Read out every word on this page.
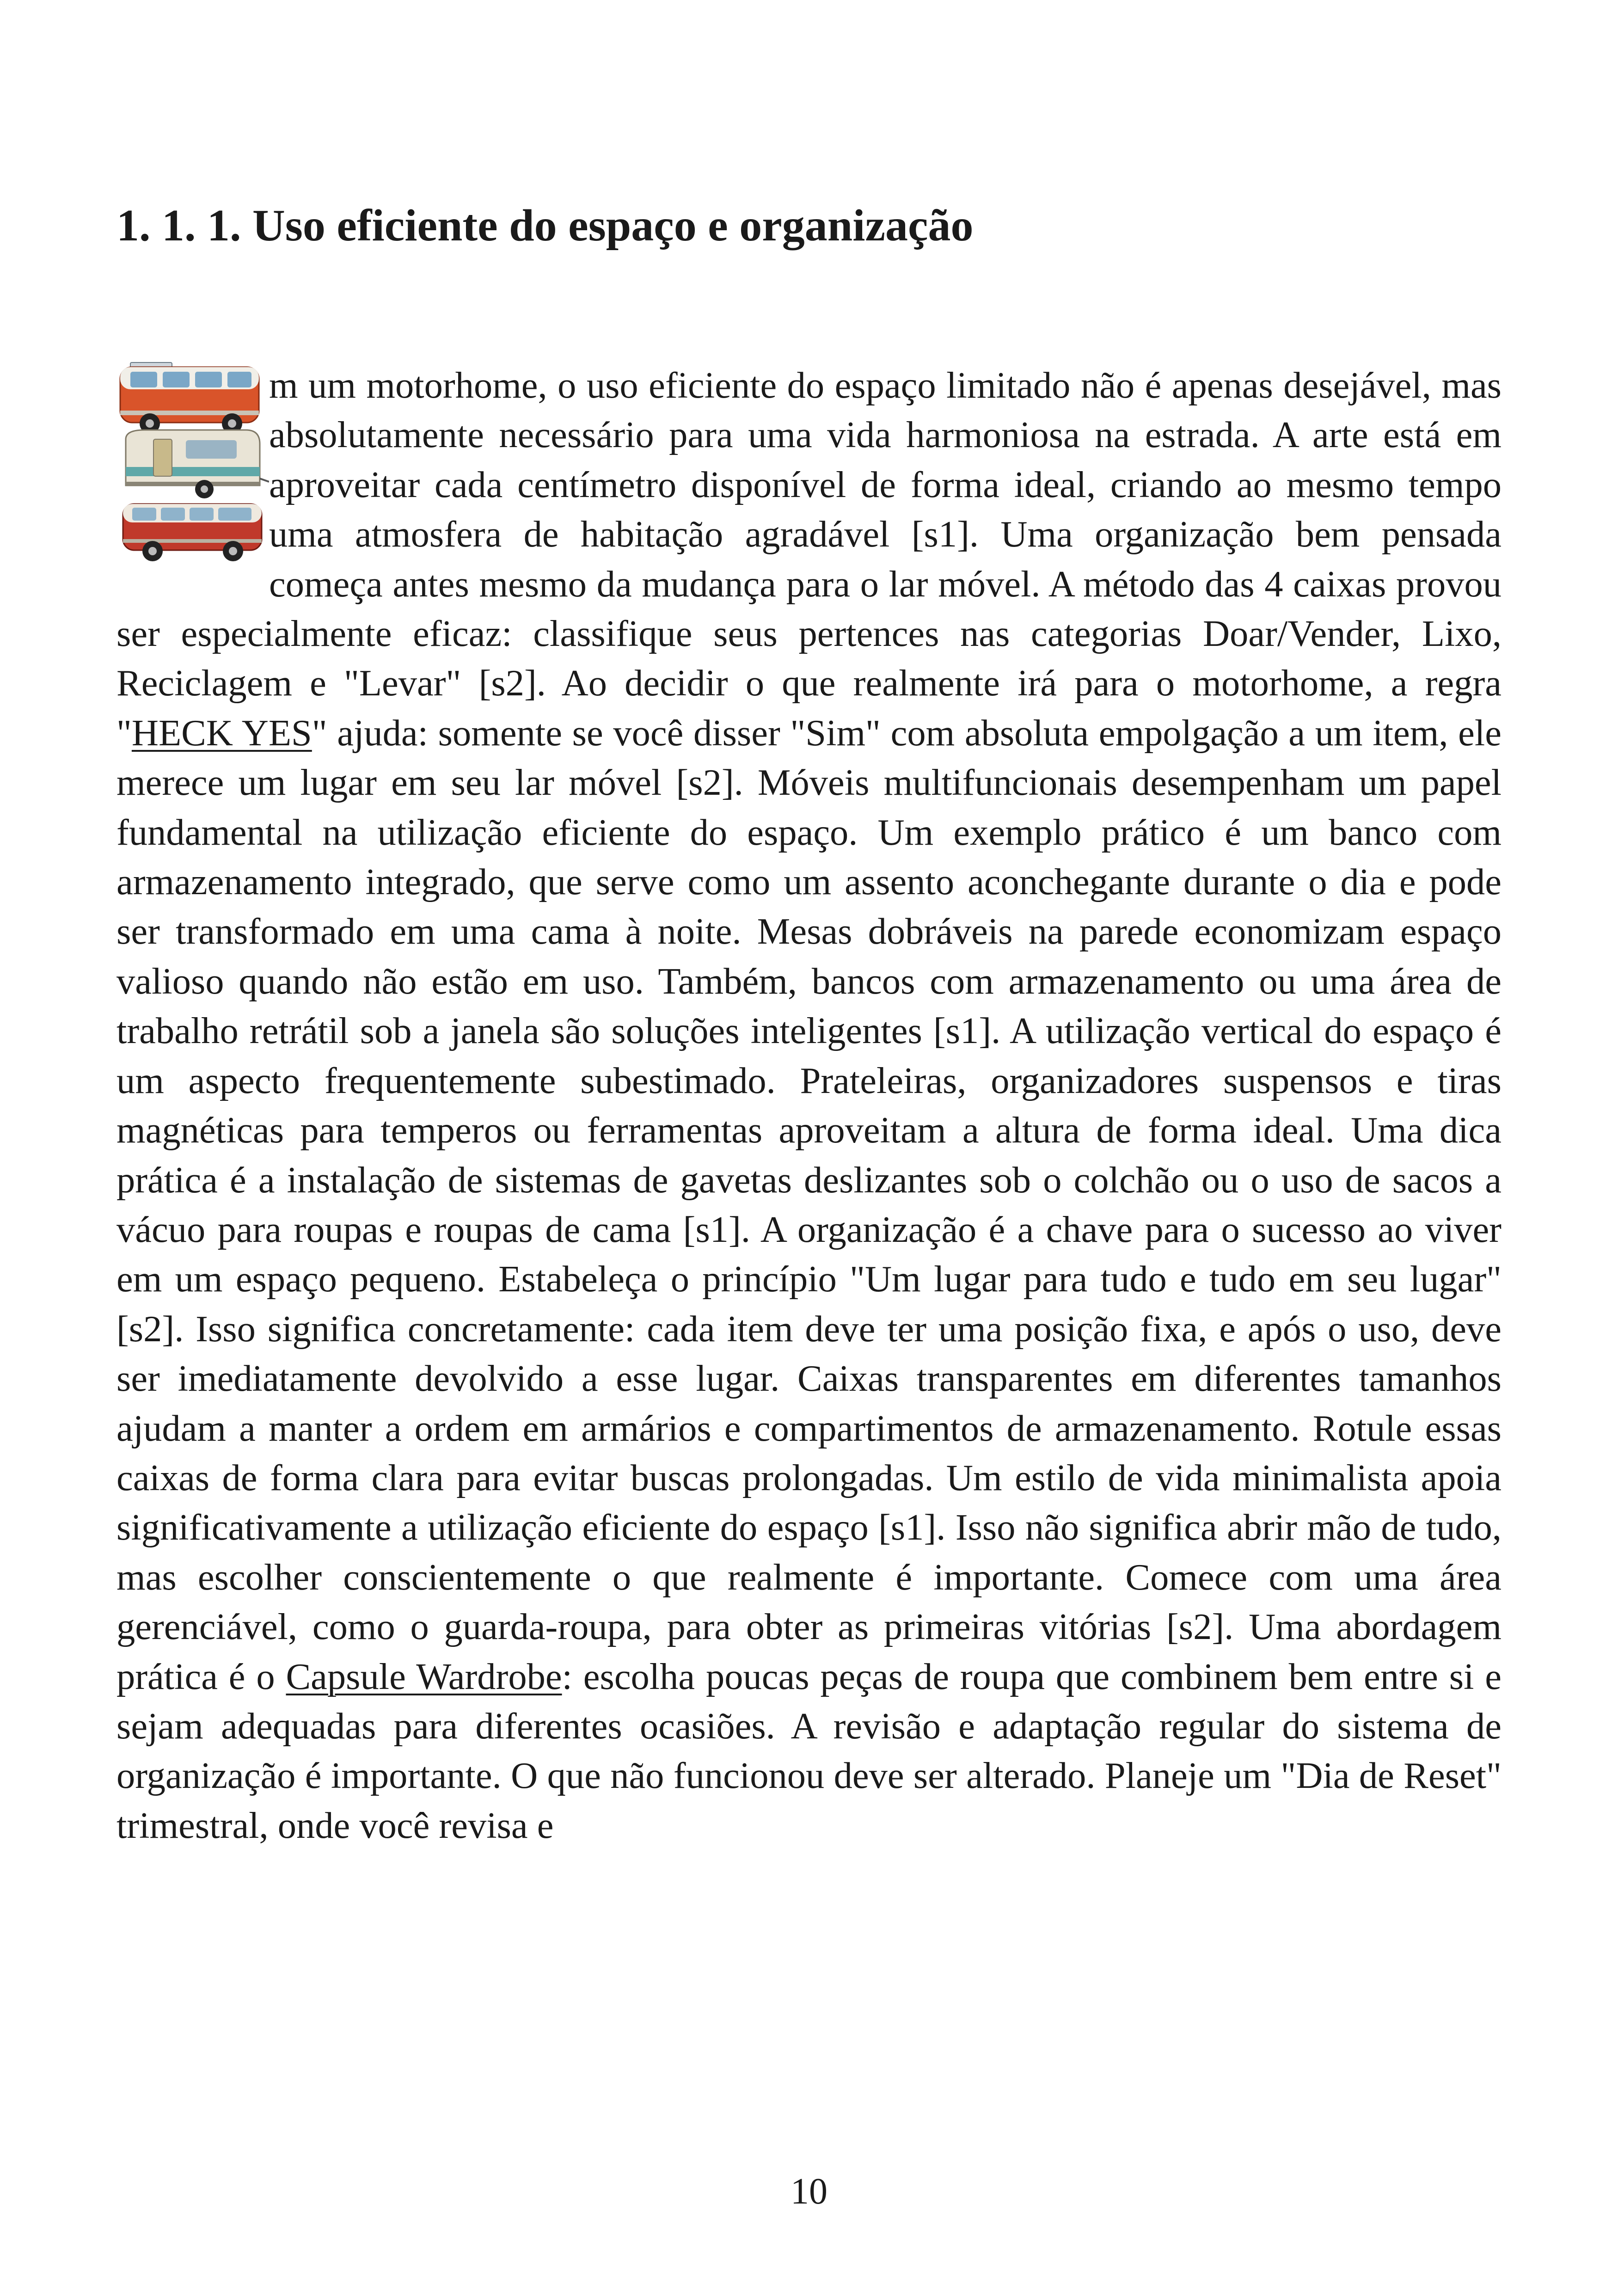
1. 1. 1. Uso eficiente do espaço e organização

m um motorhome, o uso eficiente do espaço limitado não é apenas desejável, mas absolutamente necessário para uma vida harmoniosa na estrada. A arte está em aproveitar cada centímetro disponível de forma ideal, criando ao mesmo tempo uma atmosfera de habitação agradável [s1]. Uma organização bem pensada começa antes mesmo da mudança para o lar móvel. A método das 4 caixas provou ser especialmente eficaz: classifique seus pertences nas categorias Doar/Vender, Lixo, Reciclagem e "Levar" [s2]. Ao decidir o que realmente irá para o motorhome, a regra "HECK YES" ajuda: somente se você disser "Sim" com absoluta empolgação a um item, ele merece um lugar em seu lar móvel [s2]. Móveis multifuncionais desempenham um papel fundamental na utilização eficiente do espaço. Um exemplo prático é um banco com armazenamento integrado, que serve como um assento aconchegante durante o dia e pode ser transformado em uma cama à noite. Mesas dobráveis na parede economizam espaço valioso quando não estão em uso. Também, bancos com armazenamento ou uma área de trabalho retrátil sob a janela são soluções inteligentes [s1]. A utilização vertical do espaço é um aspecto frequentemente subestimado. Prateleiras, organizadores suspensos e tiras magnéticas para temperos ou ferramentas aproveitam a altura de forma ideal. Uma dica prática é a instalação de sistemas de gavetas deslizantes sob o colchão ou o uso de sacos a vácuo para roupas e roupas de cama [s1]. A organização é a chave para o sucesso ao viver em um espaço pequeno. Estabeleça o princípio "Um lugar para tudo e tudo em seu lugar" [s2]. Isso significa concretamente: cada item deve ter uma posição fixa, e após o uso, deve ser imediatamente devolvido a esse lugar. Caixas transparentes em diferentes tamanhos ajudam a manter a ordem em armários e compartimentos de armazenamento. Rotule essas caixas de forma clara para evitar buscas prolongadas. Um estilo de vida minimalista apoia significativamente a utilização eficiente do espaço [s1]. Isso não significa abrir mão de tudo, mas escolher conscientemente o que realmente é importante. Comece com uma área gerenciável, como o guarda-roupa, para obter as primeiras vitórias [s2]. Uma abordagem prática é o Capsule Wardrobe: escolha poucas peças de roupa que combinem bem entre si e sejam adequadas para diferentes ocasiões. A revisão e adaptação regular do sistema de organização é importante. O que não funcionou deve ser alterado. Planeje um "Dia de Reset" trimestral, onde você revisa e

10
